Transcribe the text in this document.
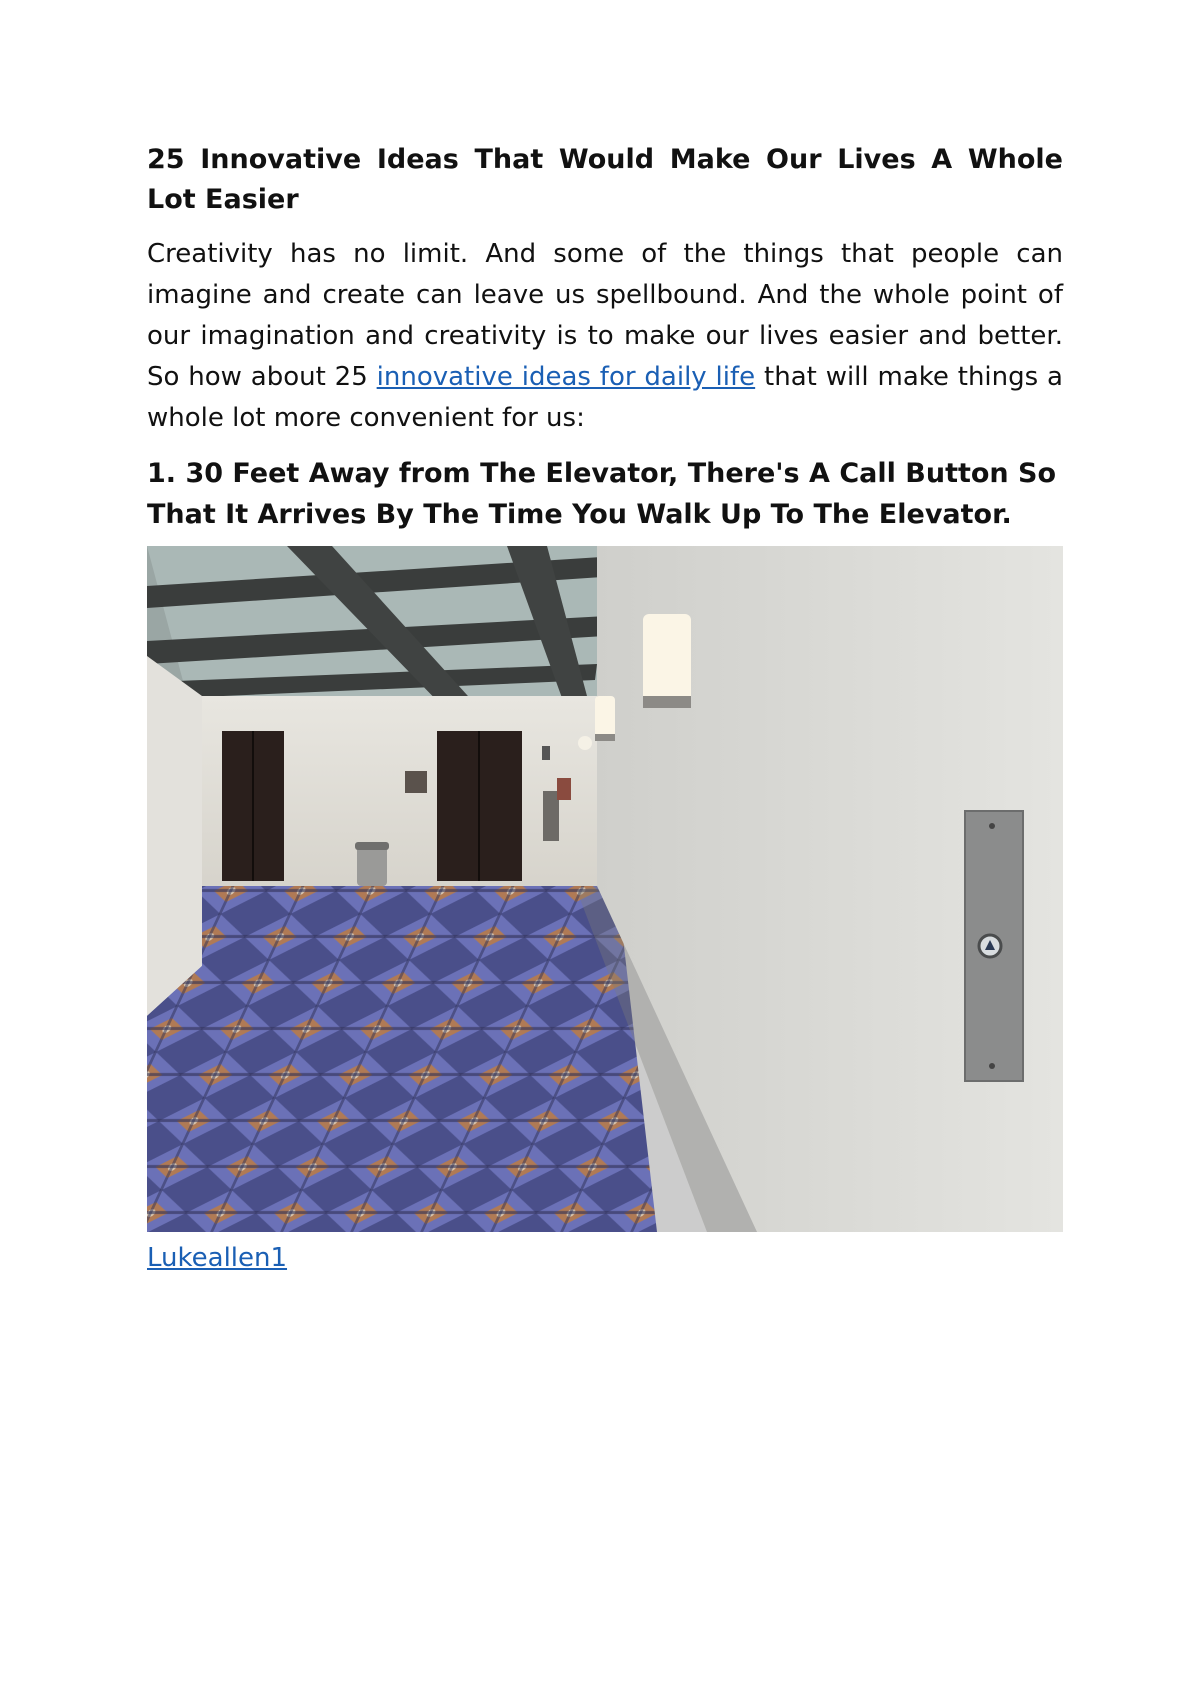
25 Innovative Ideas That Would Make Our Lives A Whole Lot Easier

Creativity has no limit. And some of the things that people can imagine and create can leave us spellbound. And the whole point of our imagination and creativity is to make our lives easier and better. So how about 25 innovative ideas for daily life that will make things a whole lot more convenient for us:

1. 30 Feet Away from The Elevator, There's A Call Button So That It Arrives By The Time You Walk Up To The Elevator.
Lukeallen1
